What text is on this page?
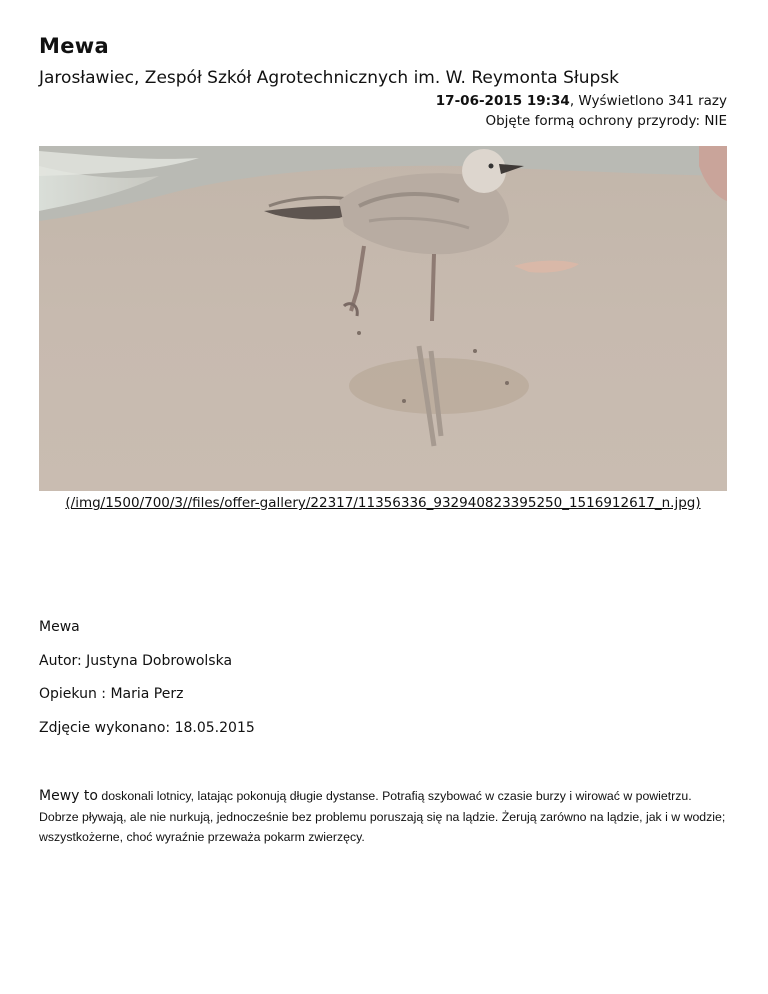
Mewa

Jarosławiec, Zespół Szkół Agrotechnicznych im. W. Reymonta Słupsk

17-06-2015 19:34, Wyświetlono 341 razy
Objęte formą ochrony przyrody: NIE
(/img/1500/700/3//files/offer-gallery/22317/11356336_932940823395250_1516912617_n.jpg)

Mewa

Autor: Justyna Dobrowolska

Opiekun : Maria Perz

Zdjęcie wykonano: 18.05.2015

Mewy to doskonali lotnicy, latając pokonują długie dystanse. Potrafią szybować w czasie burzy i wirować w powietrzu. Dobrze pływają, ale nie nurkują, jednocześnie bez problemu poruszają się na lądzie. Żerują zarówno na lądzie, jak i w wodzie; wszystkożerne, choć wyraźnie przeważa pokarm zwierzęcy.
